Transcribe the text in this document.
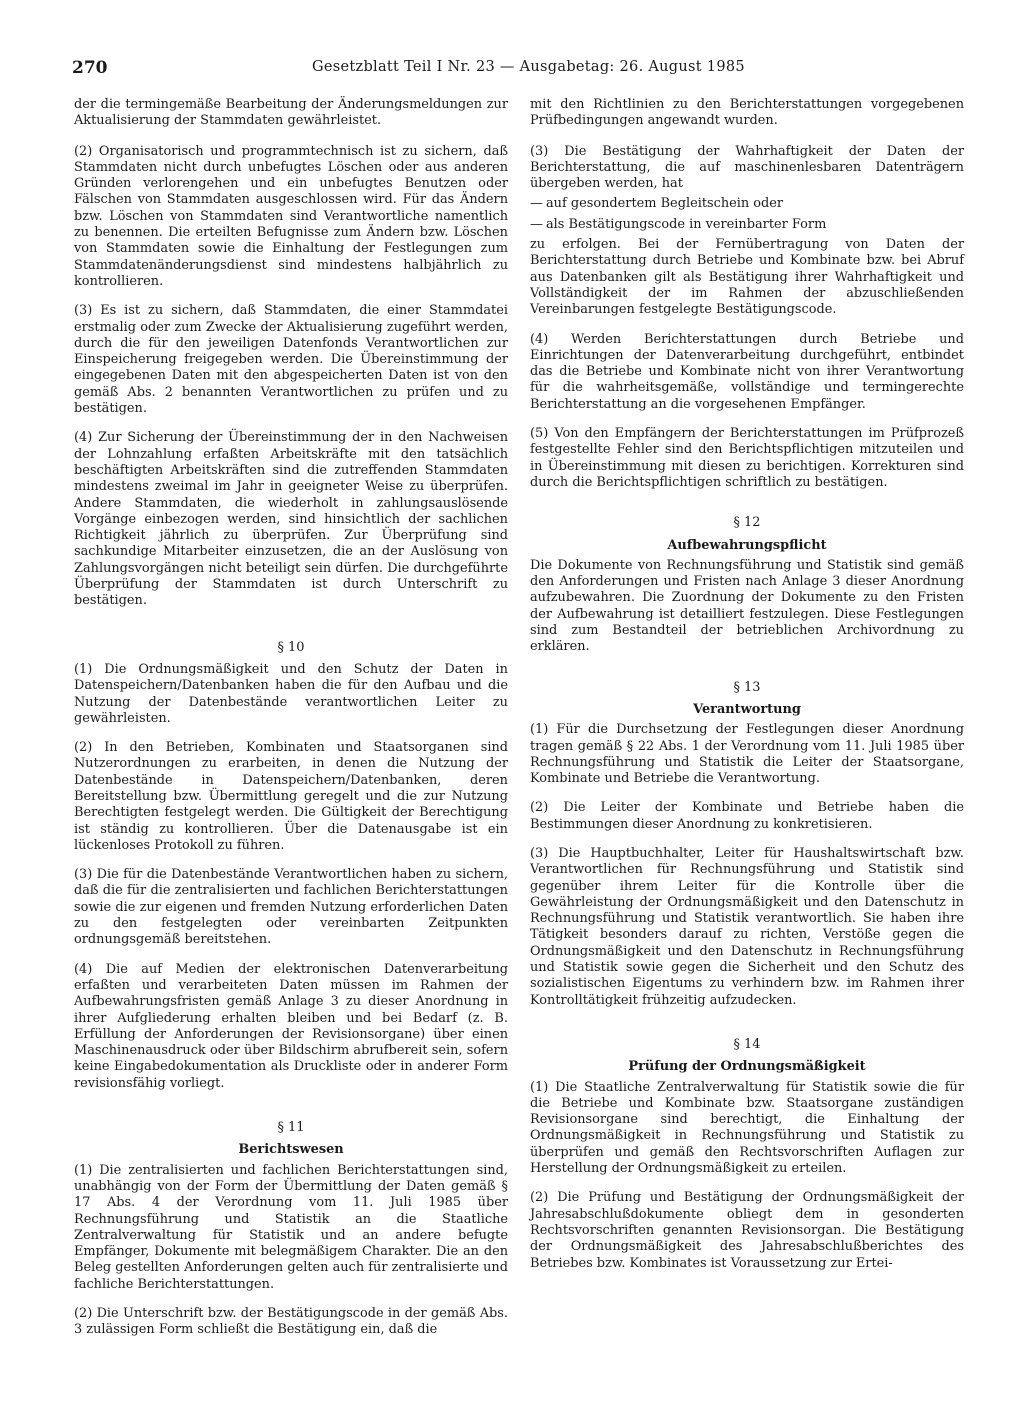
270	Gesetzblatt Teil I Nr. 23 — Ausgabetag: 26. August 1985

der die termingemäße Bearbeitung der Änderungsmeldungen zur Aktualisierung der Stammdaten gewährleistet.

(2) Organisatorisch und programmtechnisch ist zu sichern, daß Stammdaten nicht durch unbefugtes Löschen oder aus anderen Gründen verlorengehen und ein unbefugtes Benutzen oder Fälschen von Stammdaten ausgeschlossen wird. Für das Ändern bzw. Löschen von Stammdaten sind Verantwortliche namentlich zu benennen. Die erteilten Befugnisse zum Ändern bzw. Löschen von Stammdaten sowie die Einhaltung der Festlegungen zum Stammdatenänderungsdienst sind mindestens halbjährlich zu kontrollieren.

(3) Es ist zu sichern, daß Stammdaten, die einer Stammdatei erstmalig oder zum Zwecke der Aktualisierung zugeführt werden, durch die für den jeweiligen Datenfonds Verantwortlichen zur Einspeicherung freigegeben werden. Die Übereinstimmung der eingegebenen Daten mit den abgespeicherten Daten ist von den gemäß Abs. 2 benannten Verantwortlichen zu prüfen und zu bestätigen.

(4) Zur Sicherung der Übereinstimmung der in den Nachweisen der Lohnzahlung erfaßten Arbeitskräfte mit den tatsächlich beschäftigten Arbeitskräften sind die zutreffenden Stammdaten mindestens zweimal im Jahr in geeigneter Weise zu überprüfen. Andere Stammdaten, die wiederholt in zahlungsauslösende Vorgänge einbezogen werden, sind hinsichtlich der sachlichen Richtigkeit jährlich zu überprüfen. Zur Überprüfung sind sachkundige Mitarbeiter einzusetzen, die an der Auslösung von Zahlungsvorgängen nicht beteiligt sein dürfen. Die durchgeführte Überprüfung der Stammdaten ist durch Unterschrift zu bestätigen.

§ 10

(1) Die Ordnungsmäßigkeit und den Schutz der Daten in Datenspeichern/Datenbanken haben die für den Aufbau und die Nutzung der Datenbestände verantwortlichen Leiter zu gewährleisten.

(2) In den Betrieben, Kombinaten und Staatsorganen sind Nutzerordnungen zu erarbeiten, in denen die Nutzung der Datenbestände in Datenspeichern/Datenbanken, deren Bereitstellung bzw. Übermittlung geregelt und die zur Nutzung Berechtigten festgelegt werden. Die Gültigkeit der Berechtigung ist ständig zu kontrollieren. Über die Datenausgabe ist ein lückenloses Protokoll zu führen.

(3) Die für die Datenbestände Verantwortlichen haben zu sichern, daß die für die zentralisierten und fachlichen Berichterstattungen sowie die zur eigenen und fremden Nutzung erforderlichen Daten zu den festgelegten oder vereinbarten Zeitpunkten ordnungsgemäß bereitstehen.

(4) Die auf Medien der elektronischen Datenverarbeitung erfaßten und verarbeiteten Daten müssen im Rahmen der Aufbewahrungsfristen gemäß Anlage 3 zu dieser Anordnung in ihrer Aufgliederung erhalten bleiben und bei Bedarf (z. B. Erfüllung der Anforderungen der Revisionsorgane) über einen Maschinenausdruck oder über Bildschirm abrufbereit sein, sofern keine Eingabedokumentation als Druckliste oder in anderer Form revisionsfähig vorliegt.

§ 11
Berichtswesen

(1) Die zentralisierten und fachlichen Berichterstattungen sind, unabhängig von der Form der Übermittlung der Daten gemäß § 17 Abs. 4 der Verordnung vom 11. Juli 1985 über Rechnungsführung und Statistik an die Staatliche Zentralverwaltung für Statistik und an andere befugte Empfänger, Dokumente mit belegmäßigem Charakter. Die an den Beleg gestellten Anforderungen gelten auch für zentralisierte und fachliche Berichterstattungen.

(2) Die Unterschrift bzw. der Bestätigungscode in der gemäß Abs. 3 zulässigen Form schließt die Bestätigung ein, daß die

mit den Richtlinien zu den Berichterstattungen vorgegebenen Prüfbedingungen angewandt wurden.

(3) Die Bestätigung der Wahrhaftigkeit der Daten der Berichterstattung, die auf maschinenlesbaren Datenträgern übergeben werden, hat

— auf gesondertem Begleitschein oder
— als Bestätigungscode in vereinbarter Form

zu erfolgen. Bei der Fernübertragung von Daten der Berichterstattung durch Betriebe und Kombinate bzw. bei Abruf aus Datenbanken gilt als Bestätigung ihrer Wahrhaftigkeit und Vollständigkeit der im Rahmen der abzuschließenden Vereinbarungen festgelegte Bestätigungscode.

(4) Werden Berichterstattungen durch Betriebe und Einrichtungen der Datenverarbeitung durchgeführt, entbindet das die Betriebe und Kombinate nicht von ihrer Verantwortung für die wahrheitsgemäße, vollständige und termingerechte Berichterstattung an die vorgesehenen Empfänger.

(5) Von den Empfängern der Berichterstattungen im Prüfprozeß festgestellte Fehler sind den Berichtspflichtigen mitzuteilen und in Übereinstimmung mit diesen zu berichtigen. Korrekturen sind durch die Berichtspflichtigen schriftlich zu bestätigen.

§ 12
Aufbewahrungspflicht

Die Dokumente von Rechnungsführung und Statistik sind gemäß den Anforderungen und Fristen nach Anlage 3 dieser Anordnung aufzubewahren. Die Zuordnung der Dokumente zu den Fristen der Aufbewahrung ist detailliert festzulegen. Diese Festlegungen sind zum Bestandteil der betrieblichen Archivordnung zu erklären.

§ 13
Verantwortung

(1) Für die Durchsetzung der Festlegungen dieser Anordnung tragen gemäß § 22 Abs. 1 der Verordnung vom 11. Juli 1985 über Rechnungsführung und Statistik die Leiter der Staatsorgane, Kombinate und Betriebe die Verantwortung.

(2) Die Leiter der Kombinate und Betriebe haben die Bestimmungen dieser Anordnung zu konkretisieren.

(3) Die Hauptbuchhalter, Leiter für Haushaltswirtschaft bzw. Verantwortlichen für Rechnungsführung und Statistik sind gegenüber ihrem Leiter für die Kontrolle über die Gewährleistung der Ordnungsmäßigkeit und den Datenschutz in Rechnungsführung und Statistik verantwortlich. Sie haben ihre Tätigkeit besonders darauf zu richten, Verstöße gegen die Ordnungsmäßigkeit und den Datenschutz in Rechnungsführung und Statistik sowie gegen die Sicherheit und den Schutz des sozialistischen Eigentums zu verhindern bzw. im Rahmen ihrer Kontrolltätigkeit frühzeitig aufzudecken.

§ 14
Prüfung der Ordnungsmäßigkeit

(1) Die Staatliche Zentralverwaltung für Statistik sowie die für die Betriebe und Kombinate bzw. Staatsorgane zuständigen Revisionsorgane sind berechtigt, die Einhaltung der Ordnungsmäßigkeit in Rechnungsführung und Statistik zu überprüfen und gemäß den Rechtsvorschriften Auflagen zur Herstellung der Ordnungsmäßigkeit zu erteilen.

(2) Die Prüfung und Bestätigung der Ordnungsmäßigkeit der Jahresabschlußdokumente obliegt dem in gesonderten Rechtsvorschriften genannten Revisionsorgan. Die Bestätigung der Ordnungsmäßigkeit des Jahresabschlußberichtes des Betriebes bzw. Kombinates ist Voraussetzung zur Ertei-
